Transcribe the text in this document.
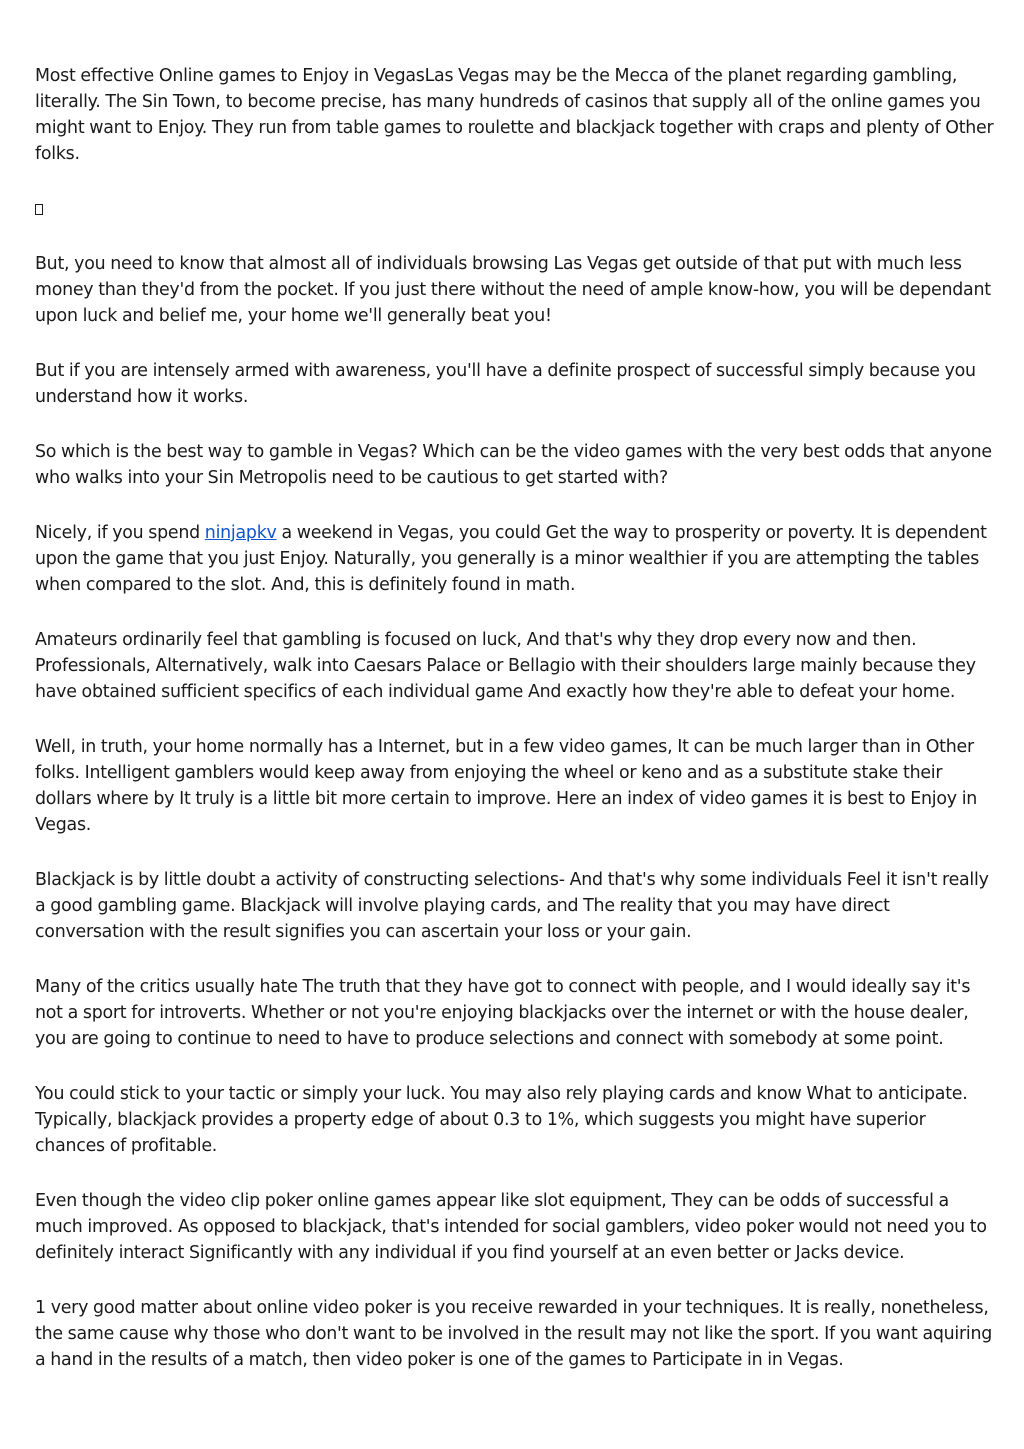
Most effective Online games to Enjoy in VegasLas Vegas may be the Mecca of the planet regarding gambling, literally. The Sin Town, to become precise, has many hundreds of casinos that supply all of the online games you might want to Enjoy. They run from table games to roulette and blackjack together with craps and plenty of Other folks.

But, you need to know that almost all of individuals browsing Las Vegas get outside of that put with much less money than they'd from the pocket. If you just there without the need of ample know-how, you will be dependant upon luck and belief me, your home we'll generally beat you!

But if you are intensely armed with awareness, you'll have a definite prospect of successful simply because you understand how it works.

So which is the best way to gamble in Vegas? Which can be the video games with the very best odds that anyone who walks into your Sin Metropolis need to be cautious to get started with?

Nicely, if you spend ninjapkv a weekend in Vegas, you could Get the way to prosperity or poverty. It is dependent upon the game that you just Enjoy. Naturally, you generally is a minor wealthier if you are attempting the tables when compared to the slot. And, this is definitely found in math.

Amateurs ordinarily feel that gambling is focused on luck, And that's why they drop every now and then. Professionals, Alternatively, walk into Caesars Palace or Bellagio with their shoulders large mainly because they have obtained sufficient specifics of each individual game And exactly how they're able to defeat your home.

Well, in truth, your home normally has a Internet, but in a few video games, It can be much larger than in Other folks. Intelligent gamblers would keep away from enjoying the wheel or keno and as a substitute stake their dollars where by It truly is a little bit more certain to improve. Here an index of video games it is best to Enjoy in Vegas.

Blackjack is by little doubt a activity of constructing selections- And that's why some individuals Feel it isn't really a good gambling game. Blackjack will involve playing cards, and The reality that you may have direct conversation with the result signifies you can ascertain your loss or your gain.

Many of the critics usually hate The truth that they have got to connect with people, and I would ideally say it's not a sport for introverts. Whether or not you're enjoying blackjacks over the internet or with the house dealer, you are going to continue to need to have to produce selections and connect with somebody at some point.

You could stick to your tactic or simply your luck. You may also rely playing cards and know What to anticipate. Typically, blackjack provides a property edge of about 0.3 to 1%, which suggests you might have superior chances of profitable.

Even though the video clip poker online games appear like slot equipment, They can be odds of successful a much improved. As opposed to blackjack, that's intended for social gamblers, video poker would not need you to definitely interact Significantly with any individual if you find yourself at an even better or Jacks device.

1 very good matter about online video poker is you receive rewarded in your techniques. It is really, nonetheless, the same cause why those who don't want to be involved in the result may not like the sport. If you want aquiring a hand in the results of a match, then video poker is one of the games to Participate in in Vegas.
